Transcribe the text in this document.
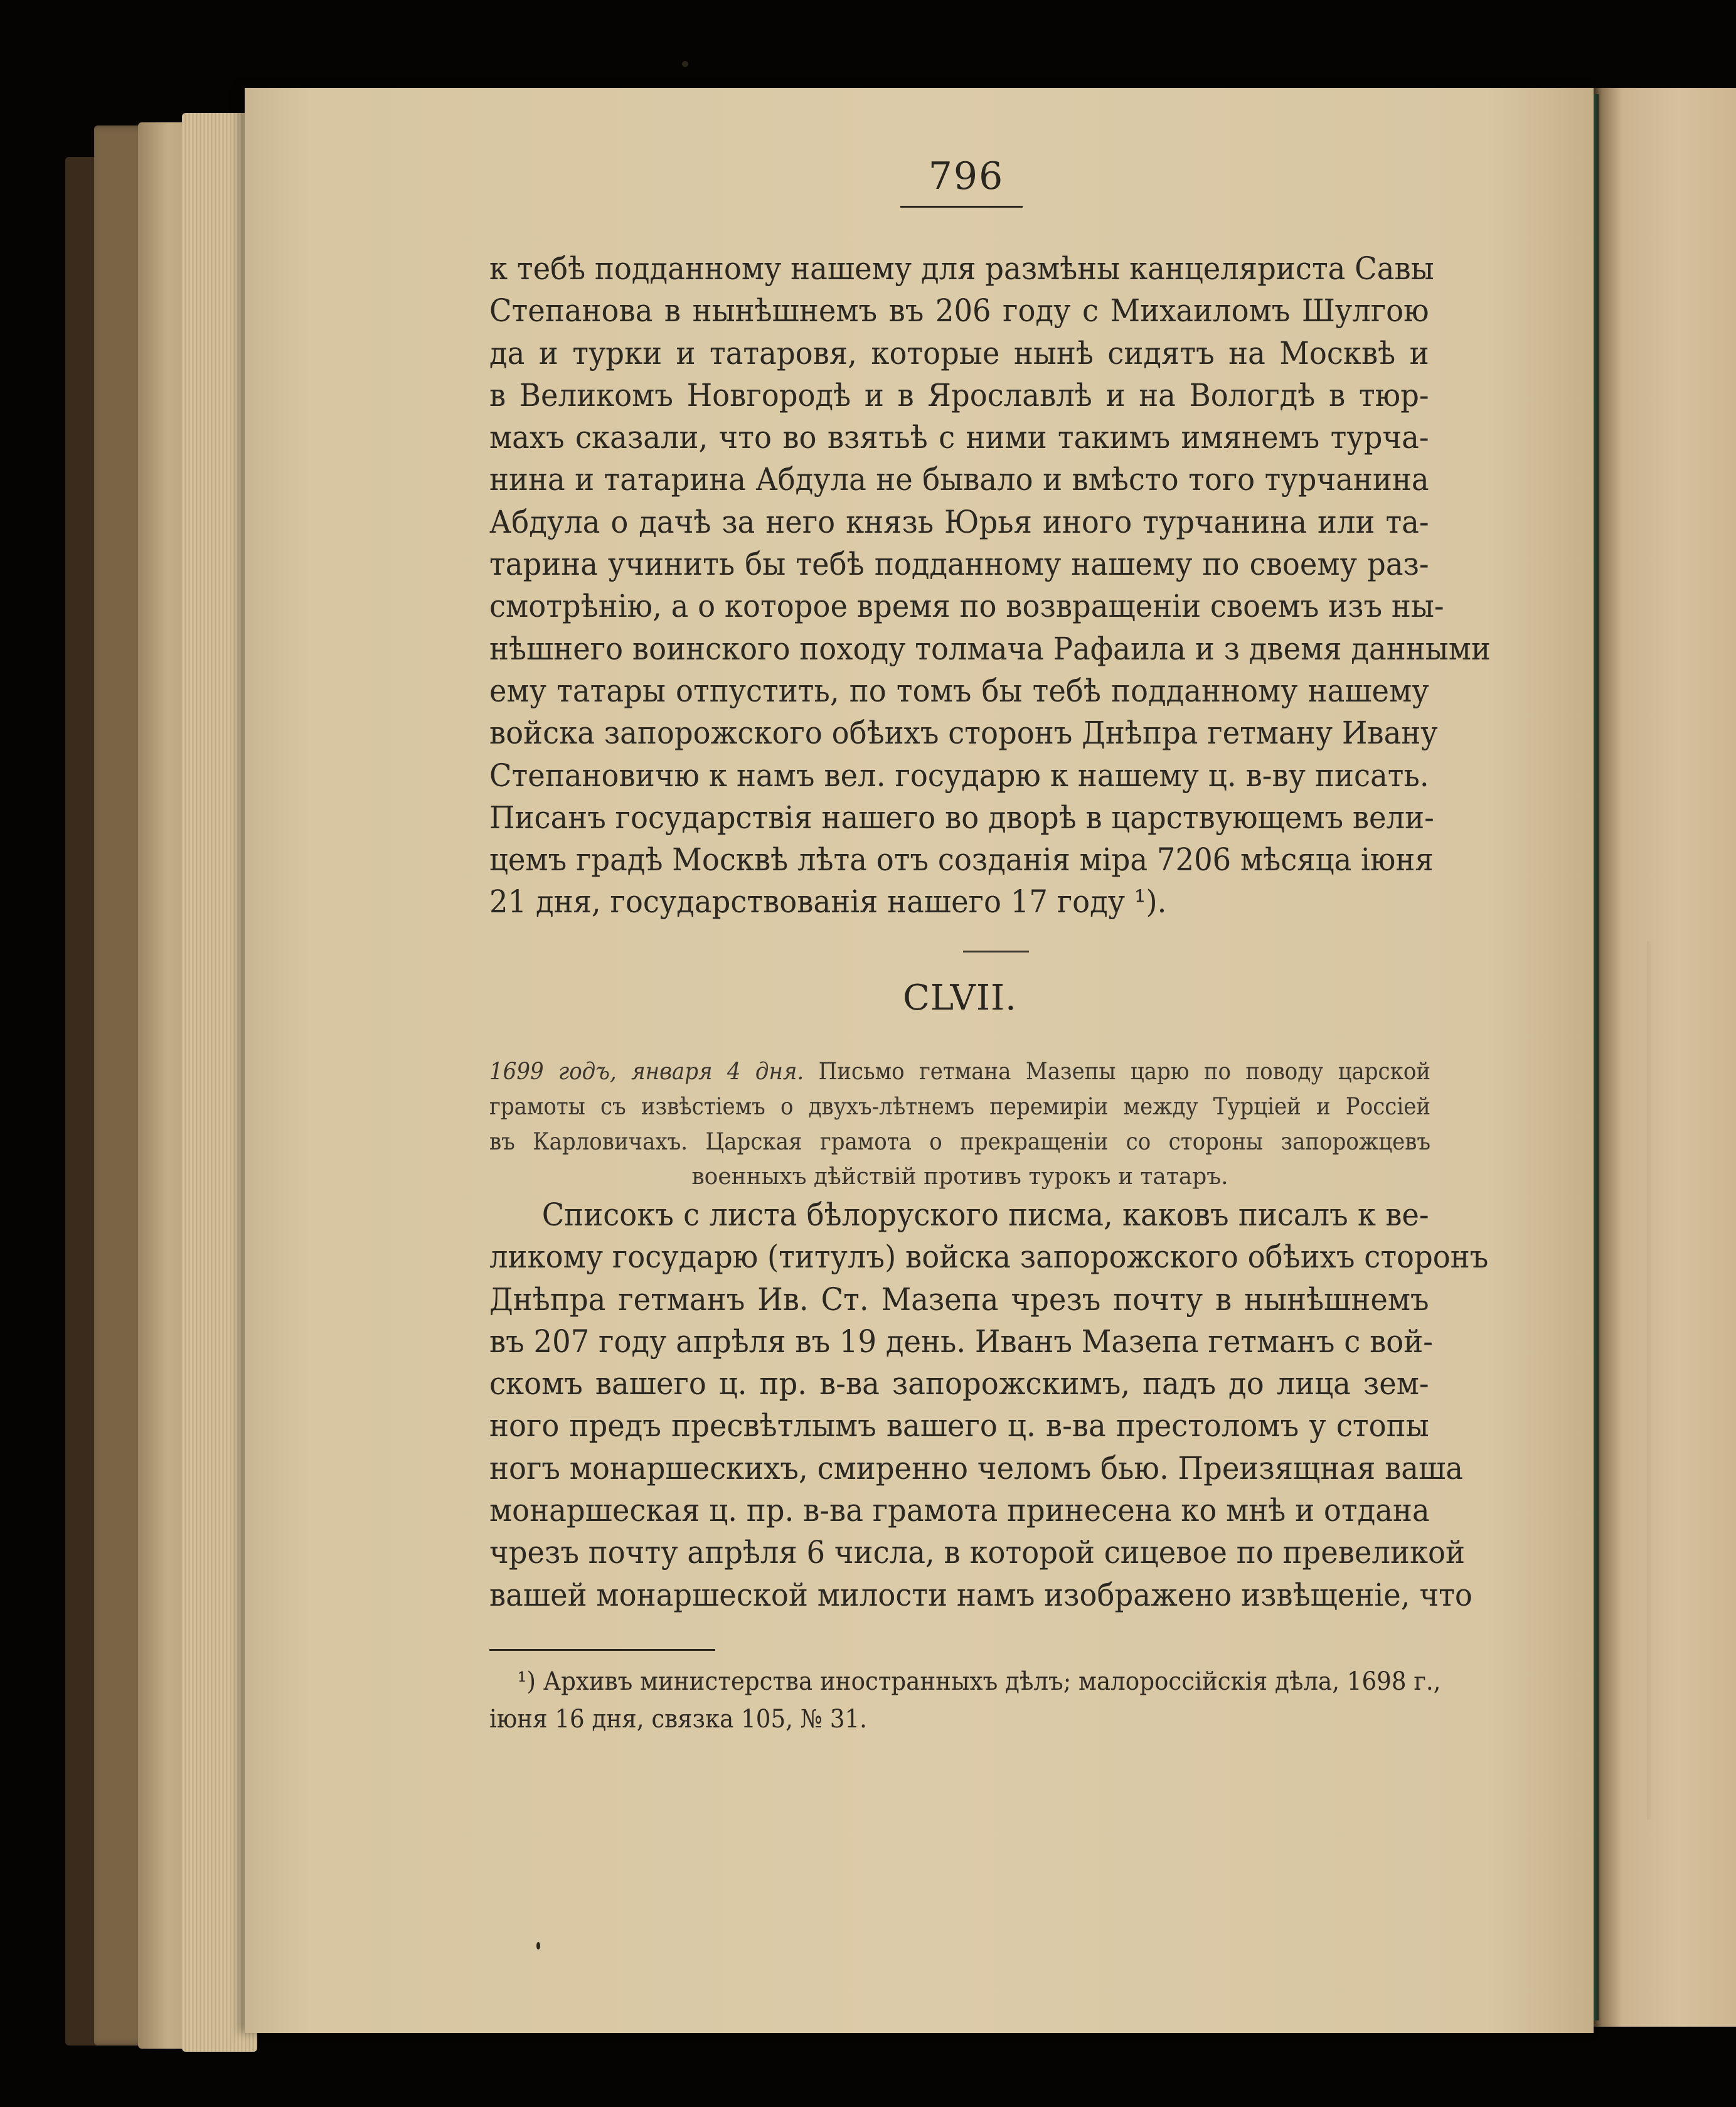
796
к тебѣ подданному нашему для размѣны канцеляриста Савы
Степанова в нынѣшнемъ въ 206 году с Михаиломъ Шулгою
да и турки и татаровя, которые нынѣ сидятъ на Москвѣ и
в Великомъ Новгородѣ и в Ярославлѣ и на Вологдѣ в тюр-
махъ сказали, что во взятьѣ с ними такимъ имянемъ турча-
нина и татарина Абдула не бывало и вмѣсто того турчанина
Абдула о дачѣ за него князь Юрья иного турчанина или та-
тарина учинить бы тебѣ подданному нашему по своему раз-
смотрѣнію, а о которое время по возвращеніи своемъ изъ ны-
нѣшнего воинского походу толмача Рафаила и з двемя данными
ему татары отпустить, по томъ бы тебѣ подданному нашему
войска запорожского обѣихъ сторонъ Днѣпра гетману Ивану
Степановичю к намъ вел. государю к нашему ц. в-ву писать.
Писанъ государствія нашего во дворѣ в царствующемъ вели-
цемъ градѣ Москвѣ лѣта отъ созданія міра 7206 мѣсяца іюня
21 дня, государствованія нашего 17 году ¹).
CLVII.
1699 годъ, января 4 дня. Письмо гетмана Мазепы царю по поводу царской
грамоты съ извѣстіемъ о двухъ-лѣтнемъ перемиріи между Турціей и Россіей
въ Карловичахъ. Царская грамота о прекращеніи со стороны запорожцевъ
военныхъ дѣйствій противъ турокъ и татаръ.
Списокъ с листа бѣлоруского писма, каковъ писалъ к ве-
ликому государю (титулъ) войска запорожского обѣихъ сторонъ
Днѣпра гетманъ Ив. Ст. Мазепа чрезъ почту в нынѣшнемъ
въ 207 году апрѣля въ 19 день. Иванъ Мазепа гетманъ с вой-
скомъ вашего ц. пр. в-ва запорожскимъ, падъ до лица зем-
ного предъ пресвѣтлымъ вашего ц. в-ва престоломъ у стопы
ногъ монаршескихъ, смиренно челомъ бью. Преизящная ваша
монаршеская ц. пр. в-ва грамота принесена ко мнѣ и отдана
чрезъ почту апрѣля 6 числа, в которой сицевое по превеликой
вашей монаршеской милости намъ изображено извѣщеніе, что
¹) Архивъ министерства иностранныхъ дѣлъ; малороссійскія дѣла, 1698 г.,
іюня 16 дня, связка 105, № 31.
